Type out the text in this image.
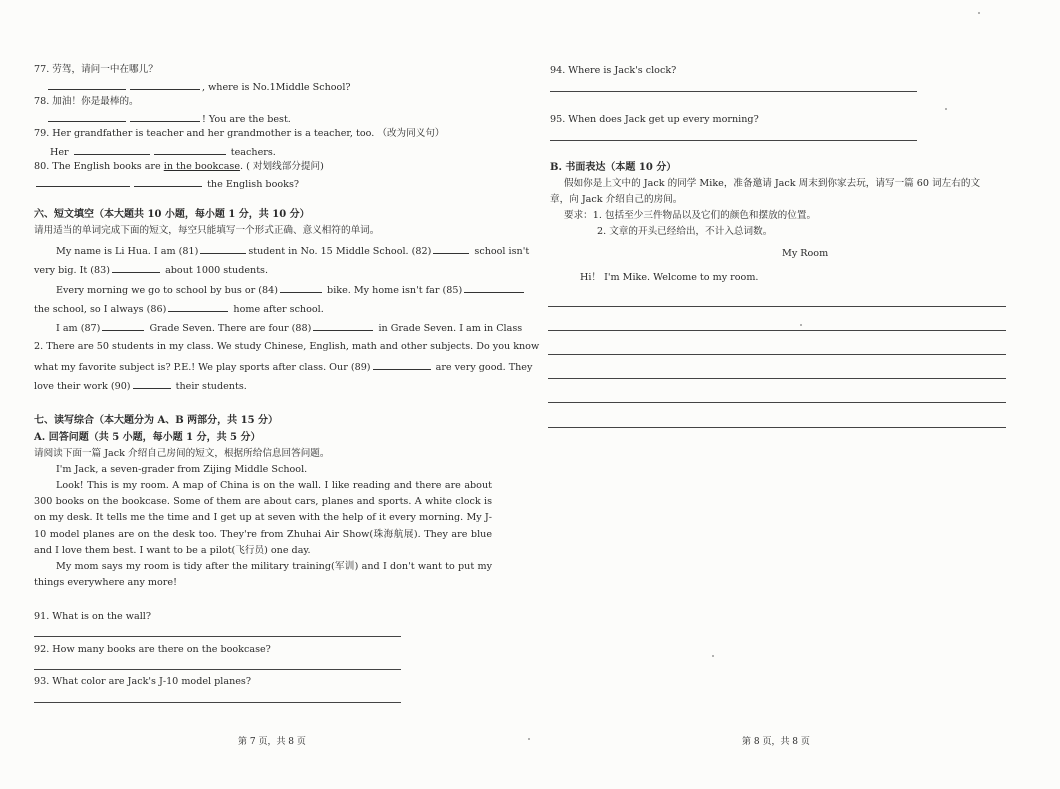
77. 劳驾，请问一中在哪儿？
, where is No.1Middle School?
78. 加油！你是最棒的。
! You are the best.
79. Her grandfather is teacher and her grandmother is a teacher, too. （改为同义句）
Her	teachers.
80. The English books are in the bookcase. ( 对划线部分提问)
the English books?
六、短文填空（本大题共 10 小题，每小题 1 分，共 10 分）
请用适当的单词完成下面的短文，每空只能填写一个形式正确、意义相符的单词。
My name is Li Hua. I am (81)	student in No. 15 Middle School. (82)	school isn't
very big. It (83)	about 1000 students.
Every morning we go to school by bus or (84)	bike. My home isn't far (85)
the school, so I always (86)	home after school.
I am (87)	Grade Seven. There are four (88)	in Grade Seven. I am in Class
2. There are 50 students in my class. We study Chinese, English, math and other subjects. Do you know
what my favorite subject is? P.E.! We play sports after class. Our (89)	are very good. They
love their work (90)	their students.
七、读写综合（本大题分为 A、B 两部分，共 15 分）
A. 回答问题（共 5 小题，每小题 1 分，共 5 分）
请阅读下面一篇 Jack 介绍自己房间的短文，根据所给信息回答问题。
I'm Jack, a seven-grader from Zijing Middle School.
Look! This is my room. A map of China is on the wall. I like reading and there are about 300 books on the bookcase. Some of them are about cars, planes and sports. A white clock is on my desk. It tells me the time and I get up at seven with the help of it every morning. My J-10 model planes are on the desk too. They're from Zhuhai Air Show(珠海航展). They are blue and I love them best. I want to be a pilot(飞行员) one day.
My mom says my room is tidy after the military training(军训) and I don't want to put my things everywhere any more!
91. What is on the wall?
92. How many books are there on the bookcase?
93. What color are Jack's J-10 model planes?
第 7 页，共 8 页
94. Where is Jack's clock?
95. When does Jack get up every morning?
B. 书面表达（本题 10 分）
假如你是上文中的 Jack 的同学 Mike，准备邀请 Jack 周末到你家去玩，请写一篇 60 词左右的文
章，向 Jack 介绍自己的房间。
要求：1. 包括至少三件物品以及它们的颜色和摆放的位置。
2. 文章的开头已经给出，不计入总词数。
My Room
Hi！ I'm Mike. Welcome to my room.
第 8 页，共 8 页
